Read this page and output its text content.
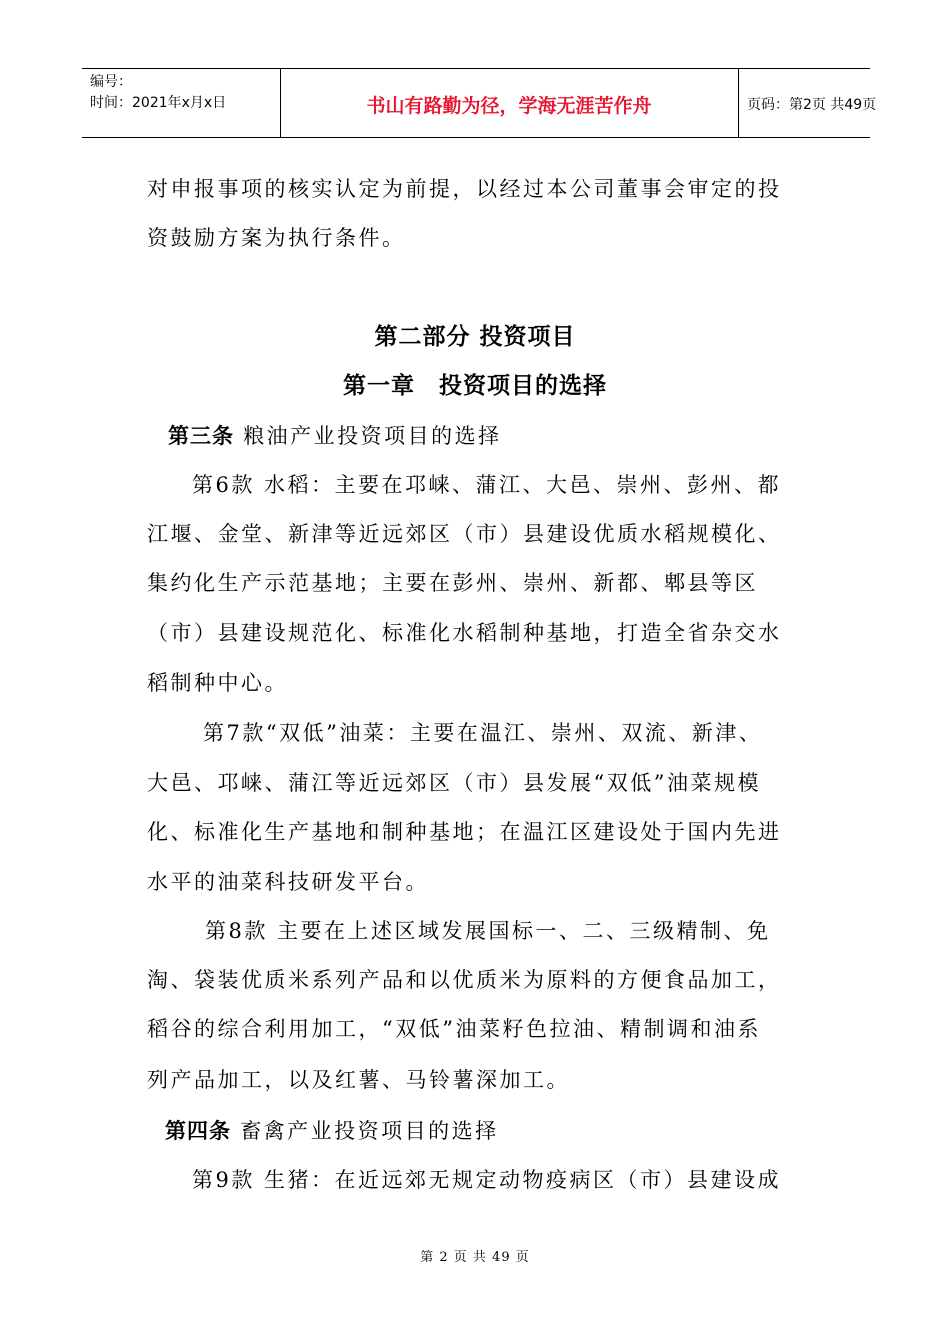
编号：
时间：2021年x月x日	书山有路勤为径，学海无涯苦作舟	页码：第2页 共49页
对申报事项的核实认定为前提，以经过本公司董事会审定的投
资鼓励方案为执行条件。
第二部分 投资项目
第一章　投资项目的选择
第三条 粮油产业投资项目的选择
第6款 水稻：主要在邛崃、蒲江、大邑、崇州、彭州、都
江堰、金堂、新津等近远郊区（市）县建设优质水稻规模化、
集约化生产示范基地；主要在彭州、崇州、新都、郫县等区
（市）县建设规范化、标准化水稻制种基地，打造全省杂交水
稻制种中心。
第7款“双低”油菜：主要在温江、崇州、双流、新津、
大邑、邛崃、蒲江等近远郊区（市）县发展“双低”油菜规模
化、标准化生产基地和制种基地；在温江区建设处于国内先进
水平的油菜科技研发平台。
第8款 主要在上述区域发展国标一、二、三级精制、免
淘、袋装优质米系列产品和以优质米为原料的方便食品加工，
稻谷的综合利用加工，“双低”油菜籽色拉油、精制调和油系
列产品加工，以及红薯、马铃薯深加工。
第四条 畜禽产业投资项目的选择
第9款 生猪：在近远郊无规定动物疫病区（市）县建设成
第 2 页 共 49 页
